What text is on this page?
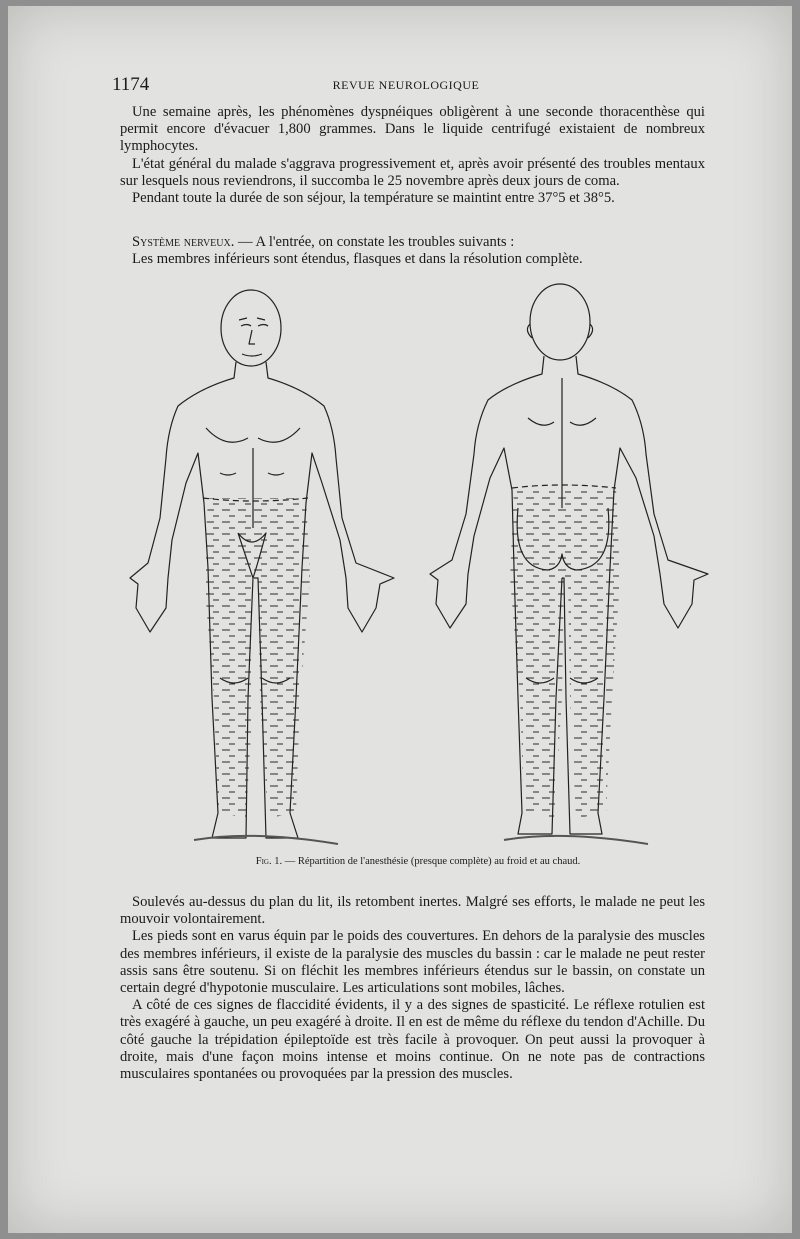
1174	REVUE NEUROLOGIQUE

Une semaine après, les phénomènes dyspnéiques obligèrent à une seconde thoracenthèse qui permit encore d'évacuer 1,800 grammes. Dans le liquide centrifugé existaient de nombreux lymphocytes.

L'état général du malade s'aggrava progressivement et, après avoir présenté des troubles mentaux sur lesquels nous reviendrons, il succomba le 25 novembre après deux jours de coma.

Pendant toute la durée de son séjour, la température se maintint entre 37°5 et 38°5.

Système nerveux. — A l'entrée, on constate les troubles suivants :

Les membres inférieurs sont étendus, flasques et dans la résolution complète.

Fig. 1. — Répartition de l'anesthésie (presque complète) au froid et au chaud.

Soulevés au-dessus du plan du lit, ils retombent inertes. Malgré ses efforts, le malade ne peut les mouvoir volontairement.

Les pieds sont en varus équin par le poids des couvertures. En dehors de la paralysie des muscles des membres inférieurs, il existe de la paralysie des muscles du bassin : car le malade ne peut rester assis sans être soutenu. Si on fléchit les membres inférieurs étendus sur le bassin, on constate un certain degré d'hypotonie musculaire. Les articulations sont mobiles, lâches.

A côté de ces signes de flaccidité évidents, il y a des signes de spasticité. Le réflexe rotulien est très exagéré à gauche, un peu exagéré à droite. Il en est de même du réflexe du tendon d'Achille. Du côté gauche la trépidation épileptoïde est très facile à provoquer. On peut aussi la provoquer à droite, mais d'une façon moins intense et moins continue. On ne note pas de contractions musculaires spontanées ou provoquées par la pression des muscles.
